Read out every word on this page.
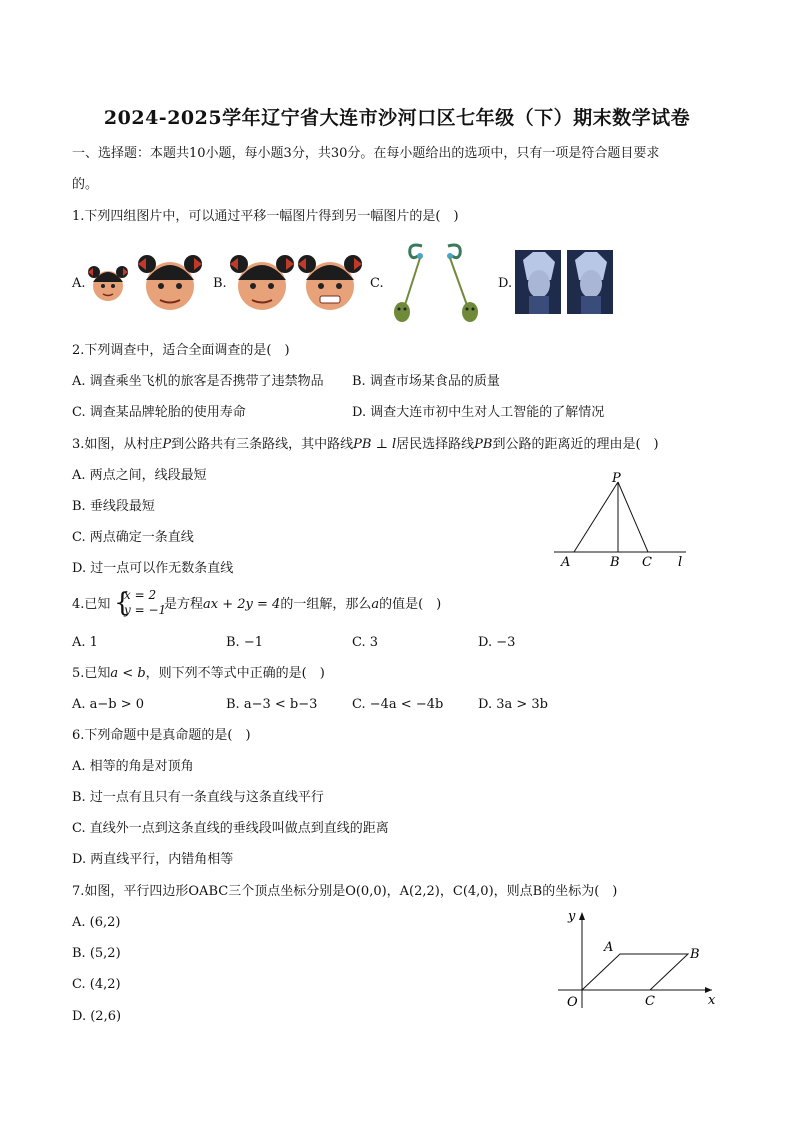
2024-2025学年辽宁省大连市沙河口区七年级（下）期末数学试卷
一、选择题：本题共10小题，每小题3分，共30分。在每小题给出的选项中，只有一项是符合题目要求
的。
1.下列四组图片中，可以通过平移一幅图片得到另一幅图片的是(　)
A.	B.	C.	D.
2.下列调查中，适合全面调查的是(　)
A. 调查乘坐飞机的旅客是否携带了违禁物品 B. 调查市场某食品的质量
C. 调查某品牌轮胎的使用寿命	D. 调查大连市初中生对人工智能的了解情况
3.如图，从村庄P到公路共有三条路线，其中路线PB ⊥ l居民选择路线PB到公路的距离近的理由是(　)
A. 两点之间，线段最短
B. 垂线段最短
C. 两点确定一条直线
D. 过一点可以作无数条直线
P
A	B C l
4.已知 {
x = 2
y = −1
是方程ax + 2y = 4的一组解，那么a的值是(　)
A. 1	B. −1	C. 3	D. −3
5.已知a < b，则下列不等式中正确的是(　)
A. a−b > 0	B. a−3 < b−3	C. −4a < −4b	D. 3a > 3b
6.下列命题中是真命题的是(　)
A. 相等的角是对顶角
B. 过一点有且只有一条直线与这条直线平行
C. 直线外一点到这条直线的垂线段叫做点到直线的距离
D. 两直线平行，内错角相等
7.如图，平行四边形OABC三个顶点坐标分别是O(0,0)，A(2,2)，C(4,0)，则点B的坐标为(　)
A. (6,2)
B. (5,2)
C. (4,2)
D. (2,6)
x
y
O
A	B
C
